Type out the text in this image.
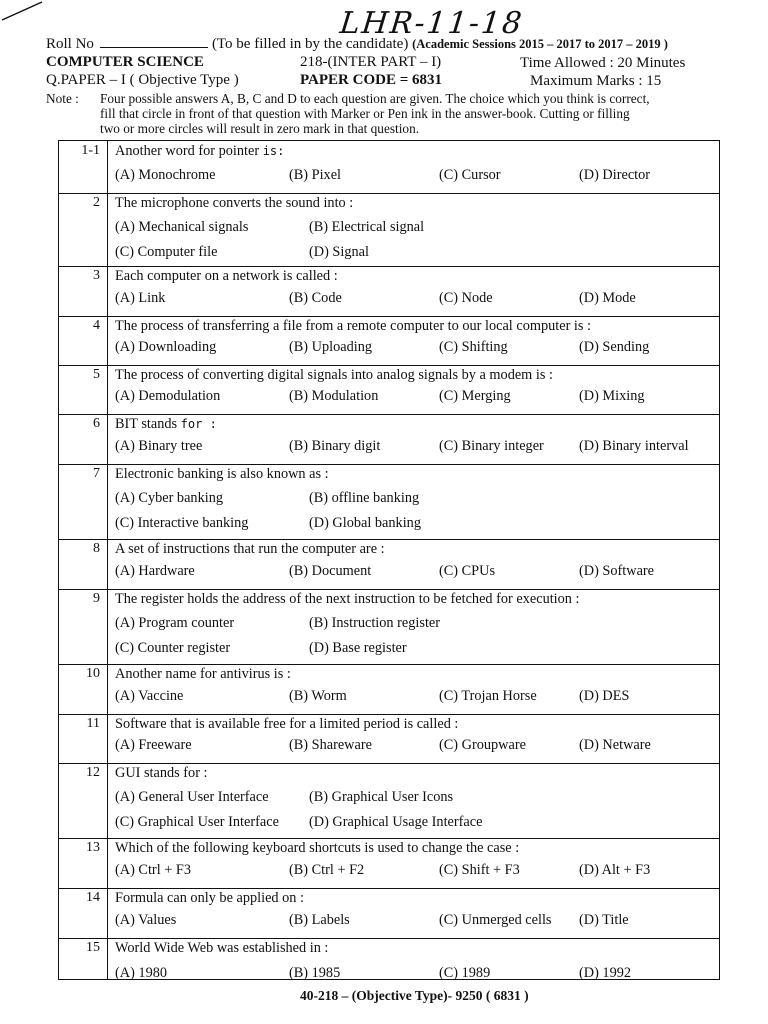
LHR-11-18
Roll No	(To be filled in by the candidate) (Academic Sessions 2015 – 2017 to 2017 – 2019 )
COMPUTER SCIENCE	218-(INTER PART – I)	Time Allowed : 20 Minutes
Q.PAPER – I ( Objective Type )	PAPER CODE = 6831	Maximum Marks : 15
Note : Four possible answers A, B, C and D to each question are given. The choice which you think is correct,
fill that circle in front of that question with Marker or Pen ink in the answer-book. Cutting or filling
two or more circles will result in zero mark in that question.
1-1 Another word for pointer is:
(A) Monochrome	(B) Pixel	(C) Cursor	(D) Director
2 The microphone converts the sound into :
(A) Mechanical signals	(B) Electrical signal
(C) Computer file	(D) Signal
3 Each computer on a network is called :
(A) Link	(B) Code	(C) Node	(D) Mode
4 The process of transferring a file from a remote computer to our local computer is :
(A) Downloading	(B) Uploading	(C) Shifting	(D) Sending
5 The process of converting digital signals into analog signals by a modem is :
(A) Demodulation	(B) Modulation	(C) Merging	(D) Mixing
6 BIT stands for :
(A) Binary tree	(B) Binary digit	(C) Binary integer (D) Binary interval
7 Electronic banking is also known as :
(A) Cyber banking	(B) offline banking
(C) Interactive banking	(D) Global banking
8 A set of instructions that run the computer are :
(A) Hardware	(B) Document	(C) CPUs	(D) Software
9 The register holds the address of the next instruction to be fetched for execution :
(A) Program counter	(B) Instruction register
(C) Counter register	(D) Base register
10 Another name for antivirus is :
(A) Vaccine	(B) Worm	(C) Trojan Horse	(D) DES
11 Software that is available free for a limited period is called :
(A) Freeware	(B) Shareware	(C) Groupware	(D) Netware
12 GUI stands for :
(A) General User Interface	(B) Graphical User Icons
(C) Graphical User Interface (D) Graphical Usage Interface
13 Which of the following keyboard shortcuts is used to change the case :
(A) Ctrl + F3	(B) Ctrl + F2	(C) Shift + F3	(D) Alt + F3
14 Formula can only be applied on :
(A) Values	(B) Labels	(C) Unmerged cells (D) Title
15 World Wide Web was established in :
(A) 1980	(B) 1985	(C) 1989	(D) 1992
40-218 – (Objective Type)- 9250 ( 6831 )
